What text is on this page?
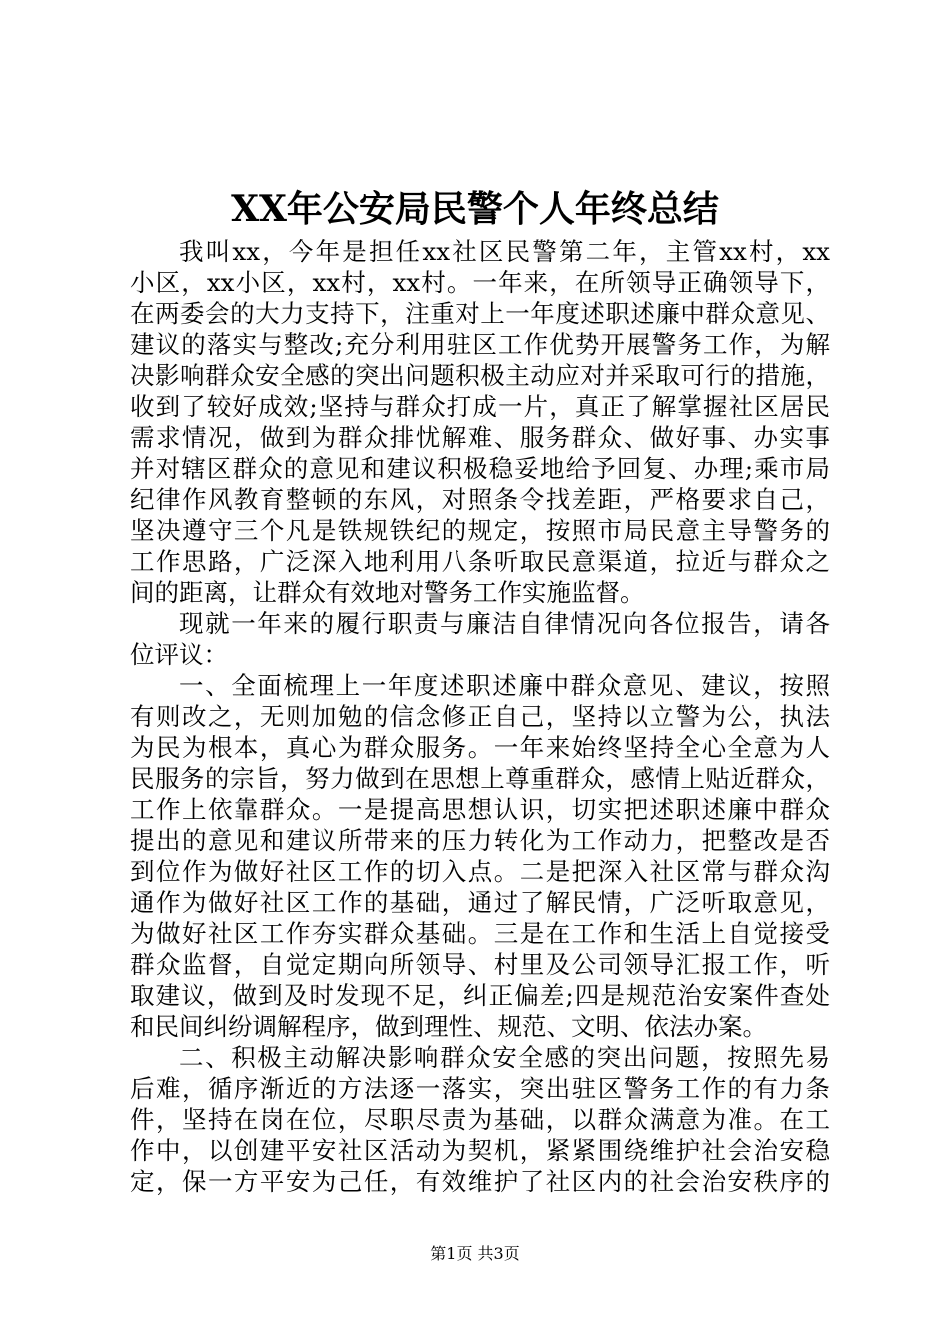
XX年公安局民警个人年终总结
我叫xx，今年是担任xx社区民警第二年，主管xx村，xx
小区，xx小区，xx村，xx村。一年来，在所领导正确领导下，
在两委会的大力支持下，注重对上一年度述职述廉中群众意见、
建议的落实与整改;充分利用驻区工作优势开展警务工作，为解
决影响群众安全感的突出问题积极主动应对并采取可行的措施，
收到了较好成效;坚持与群众打成一片，真正了解掌握社区居民
需求情况，做到为群众排忧解难、服务群众、做好事、办实事
并对辖区群众的意见和建议积极稳妥地给予回复、办理;乘市局
纪律作风教育整顿的东风，对照条令找差距，严格要求自己，
坚决遵守三个凡是铁规铁纪的规定，按照市局民意主导警务的
工作思路，广泛深入地利用八条听取民意渠道，拉近与群众之
间的距离，让群众有效地对警务工作实施监督。
现就一年来的履行职责与廉洁自律情况向各位报告，请各
位评议：
一、全面梳理上一年度述职述廉中群众意见、建议，按照
有则改之，无则加勉的信念修正自己，坚持以立警为公，执法
为民为根本，真心为群众服务。一年来始终坚持全心全意为人
民服务的宗旨，努力做到在思想上尊重群众，感情上贴近群众，
工作上依靠群众。一是提高思想认识，切实把述职述廉中群众
提出的意见和建议所带来的压力转化为工作动力，把整改是否
到位作为做好社区工作的切入点。二是把深入社区常与群众沟
通作为做好社区工作的基础，通过了解民情，广泛听取意见，
为做好社区工作夯实群众基础。三是在工作和生活上自觉接受
群众监督，自觉定期向所领导、村里及公司领导汇报工作，听
取建议，做到及时发现不足，纠正偏差;四是规范治安案件查处
和民间纠纷调解程序，做到理性、规范、文明、依法办案。
二、积极主动解决影响群众安全感的突出问题，按照先易
后难，循序渐近的方法逐一落实，突出驻区警务工作的有力条
件，坚持在岗在位，尽职尽责为基础，以群众满意为准。在工
作中，以创建平安社区活动为契机，紧紧围绕维护社会治安稳
定，保一方平安为己任，有效维护了社区内的社会治安秩序的
第1页 共3页
